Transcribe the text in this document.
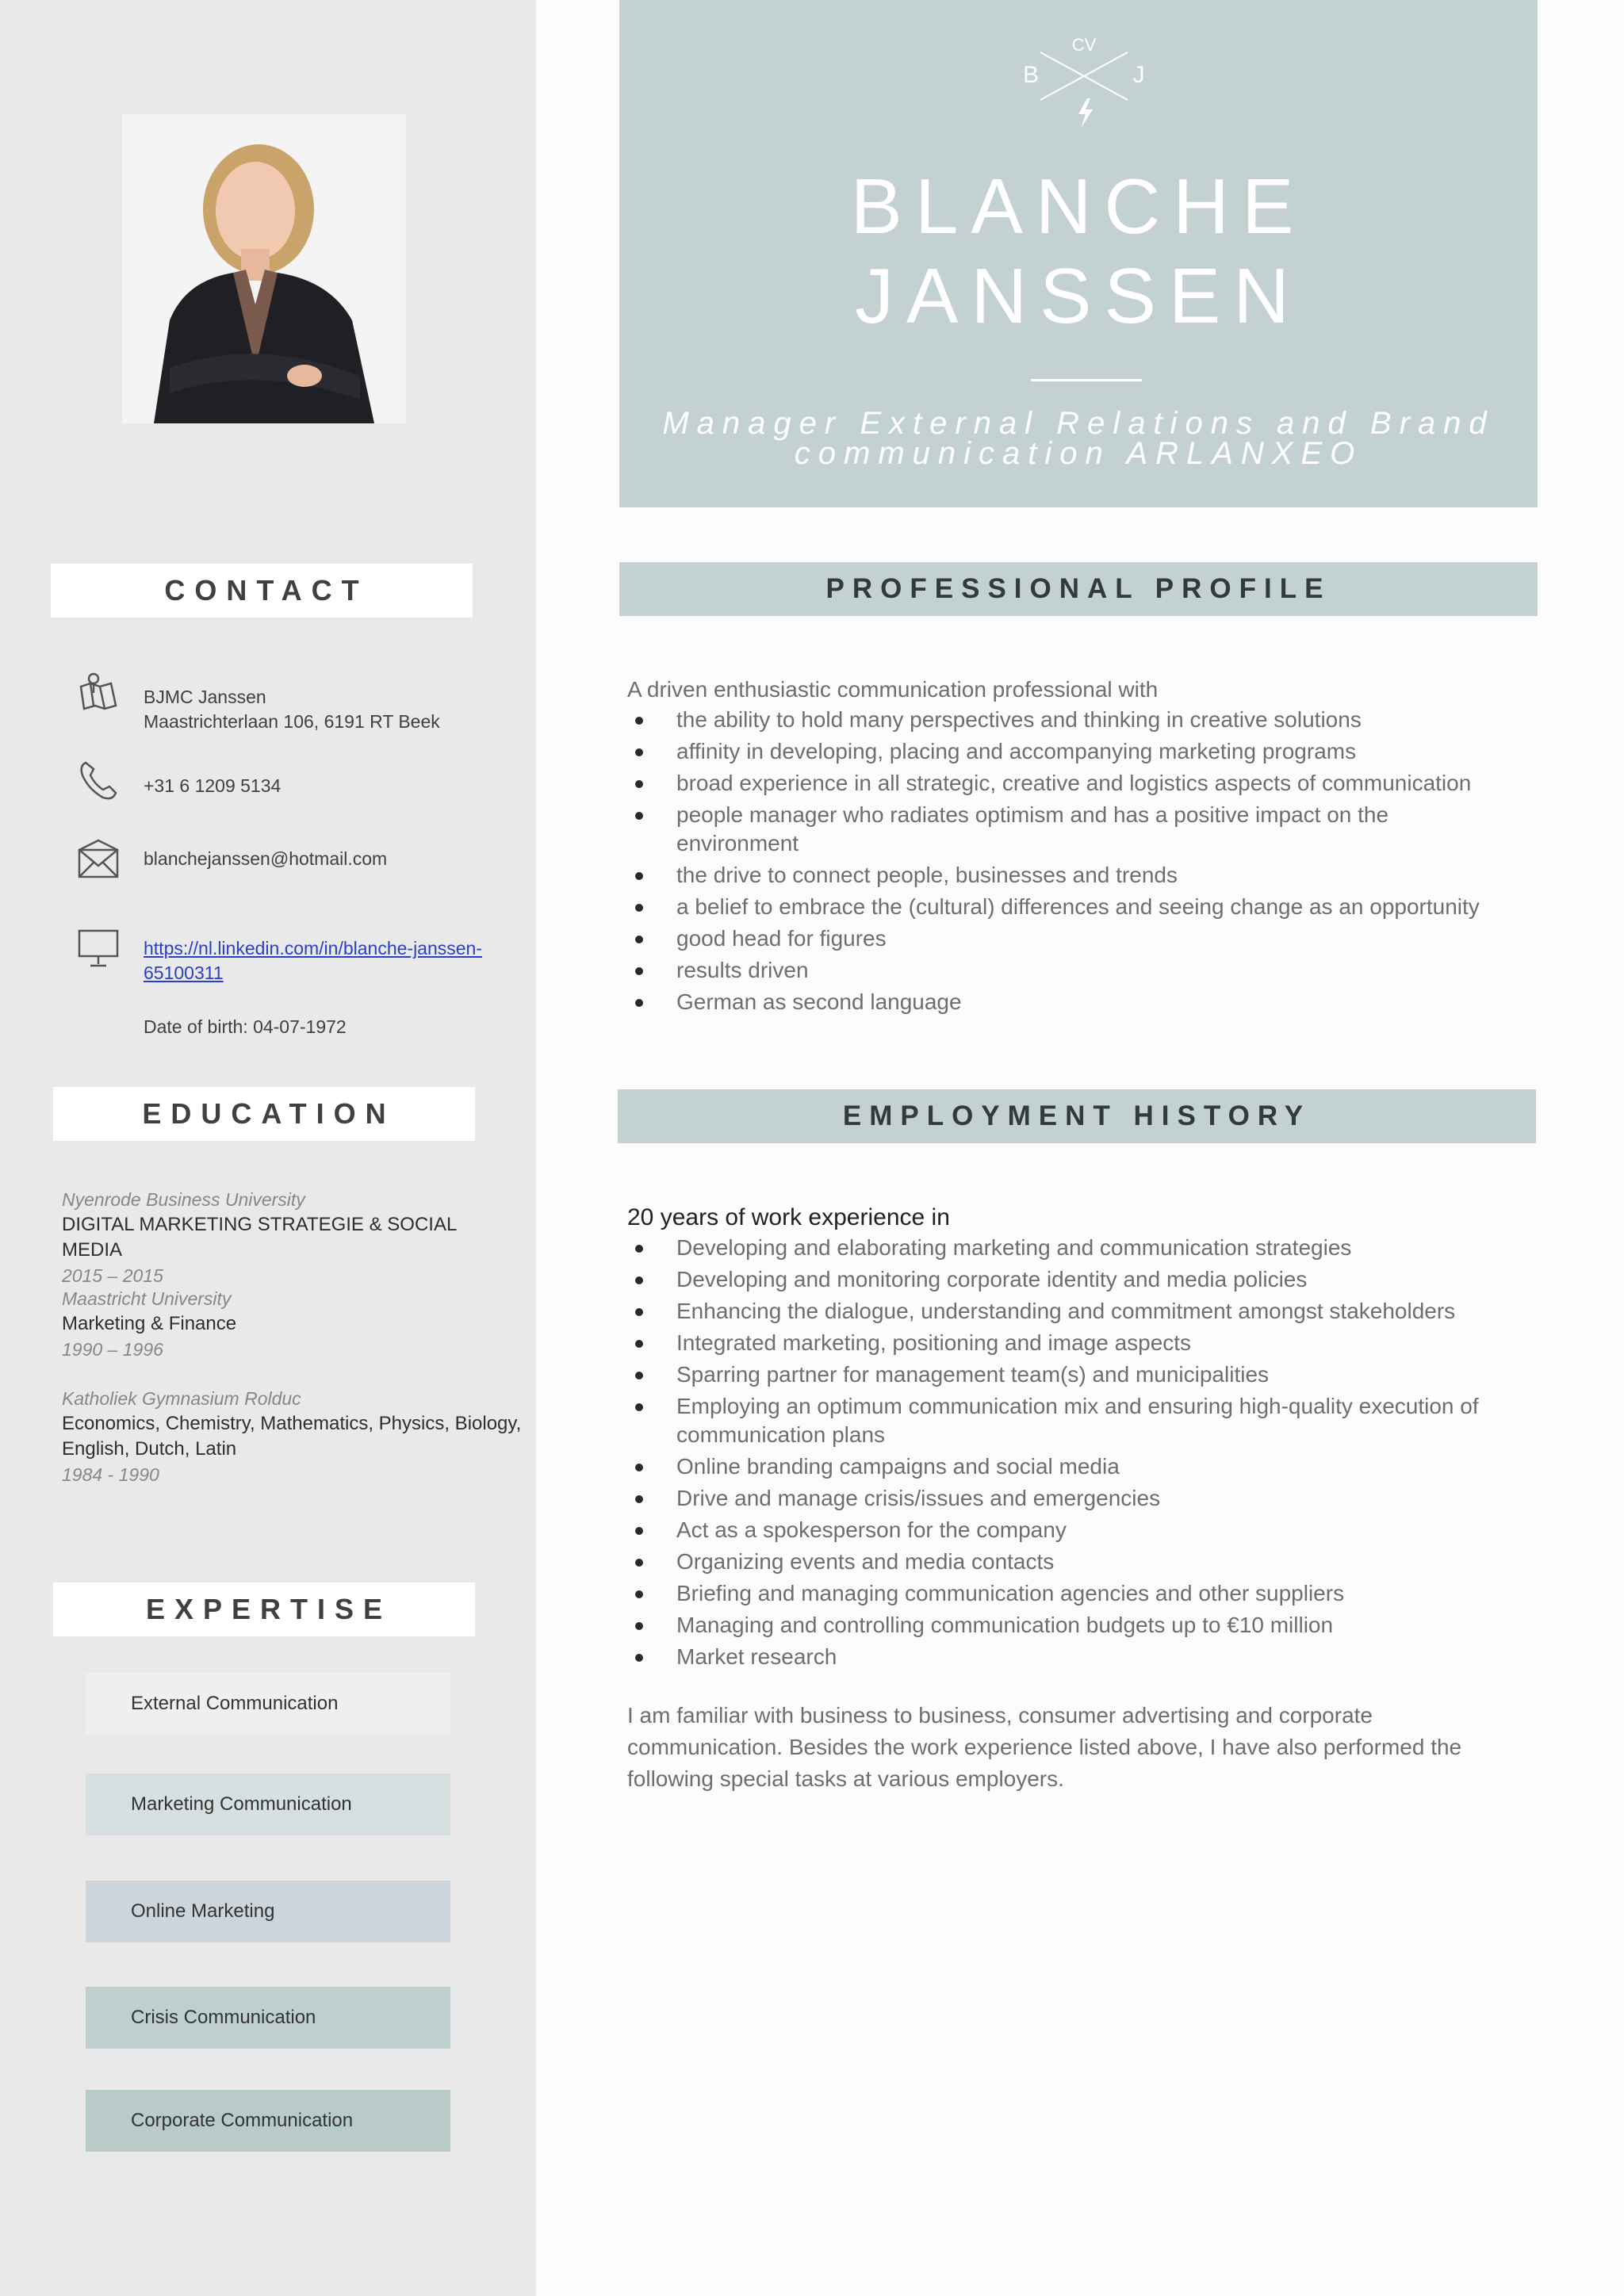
CONTACT
BJMC Janssen
Maastrichterlaan 106, 6191 RT Beek
+31 6 1209 5134
blanchejanssen@hotmail.com
https://nl.linkedin.com/in/blanche-janssen-
65100311
Date of birth: 04-07-1972
EDUCATION
Nyenrode Business University
DIGITAL MARKETING STRATEGIE & SOCIAL MEDIA
2015 – 2015
Maastricht University
Marketing & Finance
1990 – 1996
Katholiek Gymnasium Rolduc
Economics, Chemistry, Mathematics, Physics, Biology,
English, Dutch, Latin
1984 - 1990
EXPERTISE
External Communication
Marketing Communication
Online Marketing
Crisis Communication
Corporate Communication
CV
B	J
BLANCHE
JANSSEN
Manager External Relations and Brand
communication ARLANXEO
PROFESSIONAL PROFILE
A driven enthusiastic communication professional with
the ability to hold many perspectives and thinking in creative solutions
affinity in developing, placing and accompanying marketing programs
broad experience in all strategic, creative and logistics aspects of communication
people manager who radiates optimism and has a positive impact on the environment
the drive to connect people, businesses and trends
a belief to embrace the (cultural) differences and seeing change as an opportunity
good head for figures
results driven
German as second language
EMPLOYMENT HISTORY
20 years of work experience in
Developing and elaborating marketing and communication strategies
Developing and monitoring corporate identity and media policies
Enhancing the dialogue, understanding and commitment amongst stakeholders
Integrated marketing, positioning and image aspects
Sparring partner for management team(s) and municipalities
Employing an optimum communication mix and ensuring high-quality execution of communication plans
Online branding campaigns and social media
Drive and manage crisis/issues and emergencies
Act as a spokesperson for the company
Organizing events and media contacts
Briefing and managing communication agencies and other suppliers
Managing and controlling communication budgets up to €10 million
Market research
I am familiar with business to business, consumer advertising and corporate communication. Besides the work experience listed above, I have also performed the following special tasks at various employers.
